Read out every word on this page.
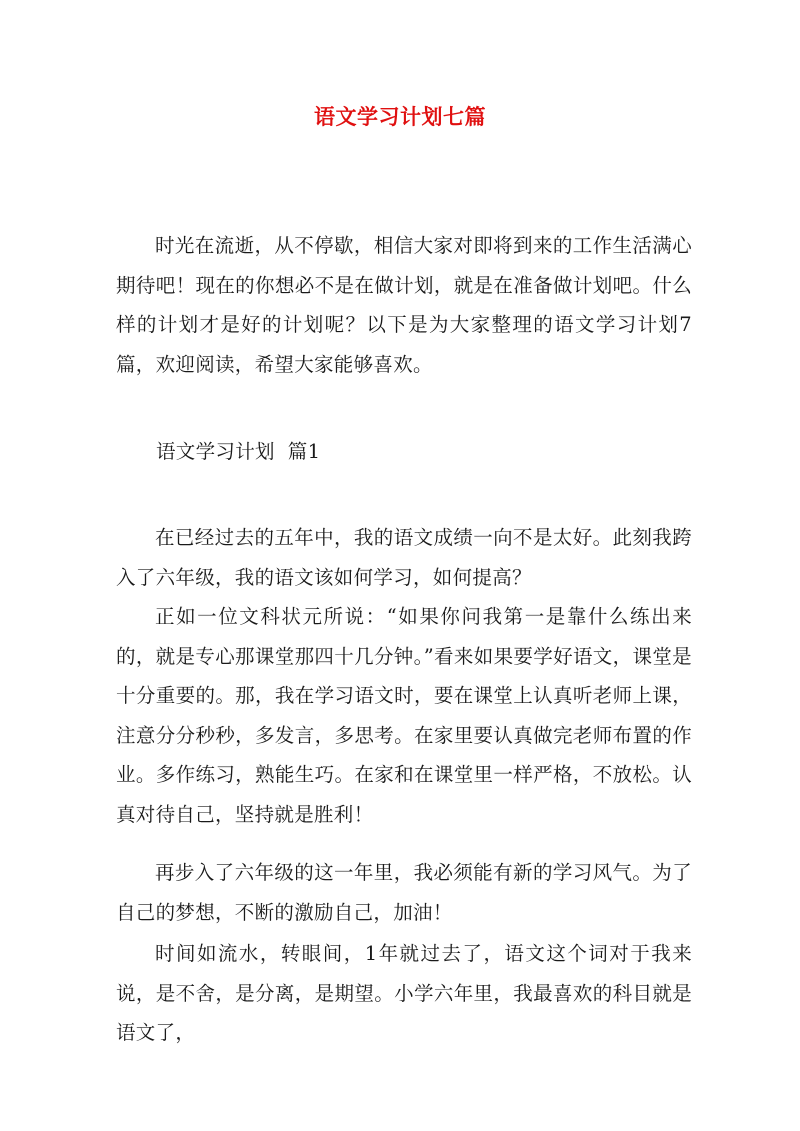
语文学习计划七篇

时光在流逝，从不停歇，相信大家对即将到来的工作生活满心期待吧！现在的你想必不是在做计划，就是在准备做计划吧。什么样的计划才是好的计划呢？以下是为大家整理的语文学习计划7篇，欢迎阅读，希望大家能够喜欢。

语文学习计划  篇1

在已经过去的五年中，我的语文成绩一向不是太好。此刻我跨入了六年级，我的语文该如何学习，如何提高？

正如一位文科状元所说：“如果你问我第一是靠什么练出来的，就是专心那课堂那四十几分钟。”看来如果要学好语文，课堂是十分重要的。那，我在学习语文时，要在课堂上认真听老师上课，注意分分秒秒，多发言，多思考。在家里要认真做完老师布置的作业。多作练习，熟能生巧。在家和在课堂里一样严格，不放松。认真对待自己，坚持就是胜利！

再步入了六年级的这一年里，我必须能有新的学习风气。为了自己的梦想，不断的激励自己，加油！

时间如流水，转眼间，1年就过去了，语文这个词对于我来说，是不舍，是分离，是期望。小学六年里，我最喜欢的科目就是语文了，
